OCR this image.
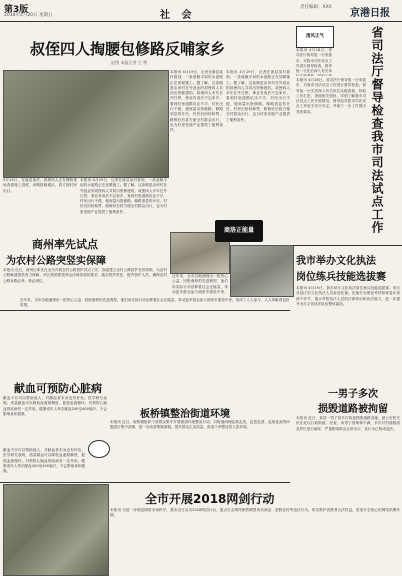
第3版
2018年4月20日 星期五	社 会
责任编辑：XXX
京港日报
叔侄四人掏腰包修路反哺家乡
文/图 本报记者 王 赞
4月19日，在唐县某村，叔侄四人正在修路现场查看施工进度，该路段修通后，将方便村民出行。
本报讯 4月19日，记者在唐县某村看到，一条宽敞平坦的水泥路正在加紧施工。据了解，这条路是由该村在外创业的叔侄四人共同出资修建的。叔侄四人多年在外打拼，事业有成后不忘家乡，看到村里道路坑洼不平，村民出行不便，便商量出资修路。修路消息传开后，村民们纷纷称赞，路修好后将方便全村群众出行，也为村里发展产业提供了便利条件。
本报讯 4月19日，记者在唐县某村看到，一条宽敞平坦的水泥路正在加紧施工。据了解，这条路是由该村在外创业的叔侄四人共同出资修建的。叔侄四人多年在外打拼，事业有成后不忘家乡，看到村里道路坑洼不平，村民出行不便，便商量出资修路。修路消息传开后，村民们纷纷称赞，路修好后将方便全村群众出行，也为村里发展产业提供了便利条件。
本报讯 4月19日，记者在唐县某村看到，一条宽敞平坦的水泥路正在加紧施工。据了解，这条路是由该村在外创业的叔侄四人共同出资修建的。叔侄四人多年在外打拼，事业有成后不忘家乡，看到村里道路坑洼不平，村民出行不便，便商量出资修路。修路消息传开后，村民们纷纷称赞，路修好后将方便全村群众出行，也为村里发展产业提供了便利条件。
近年来，全市各地涌现出一批热心公益、回报桑梓的先进典型，他们用实际行动诠释着社会正能量，带动更多群众参与到家乡建设中来，
商洛正能量
近年来，全市各地涌现出一批热心公益、回报桑梓的先进典型，他们用实际行动诠释着社会正能量，带动更多群众参与到家乡建设中来，形成了人人参与、人人奉献的良好氛围。
清风正气
本报讯 4月18日，省司法厅督导组一行来我市，对我市司法试点工作进行督导检查。督导组一行先后深入有关单	省司法厅督导检查我市司法试点工作
本报讯 4月18日，省司法厅督导组一行来我市，对我市司法试点工作进行督导检查。督导组一行先后深入有关单位实地查看，听取工作汇报，查阅相关资料，详细了解我市司法试点工作开展情况。督导组对我市司法试点工作给予充分肯定，并就下一步工作提出具体要求。
商州率先试点
为农村公路突竖实保障
本报讯 近日，商州区率先在全市开展农村公路管护试点工作，探索建立农村公路管护长效机制，为农村公路畅通提供有力保障。该区按照建管养运协调发展的要求，落实管护责任，配齐管护人员，确保农村公路有路必养、养必到位。
我市举办文化执法
岗位练兵技能选拔赛
本报讯 4月19日，我市举办文化执法岗位练兵技能选拔赛，来自各县区的文化执法人员参加比赛。比赛分为理论考试和案卷评查两个环节，重点考察执法人员的法律知识和执法能力，进一步提升全市文化执法队伍整体素质。
献血可预防心脏病
献血不仅可以帮助他人，对献血者本身也有好处。医学研究表明，适量献血可以降低血液黏稠度，促进血液循环，对预防心脑血管疾病有一定作用。健康成年人每次献血200至400毫升，不会影响身体健康。
献血不仅可以帮助他人，对献血者本身也有好处。医学研究表明，适量献血可以降低血液黏稠度，促进血液循环，对预防心脑血管疾病有一定作用。健康成年人每次献血200至400毫升，不会影响身体健康。
板桥镇整治街道环境
本报讯 近日，板桥镇组织干部群众集中开展街道环境整治行动，对街道两侧乱堆乱放、乱搭乱建、乱贴乱画等问题进行集中清理，进一步改善集镇面貌，提升群众生活质量，营造干净整洁的人居环境。
一男子多次
损毁道路被拘留
本报讯 近日，某县一男子因多次故意损毁道路设施，被公安机关依法处以行政拘留。经查，该男子因琐事不满，多次对村道路面及护栏进行破坏，严重影响群众正常出行，其行为已构成违法。
全市开展2018网剑行动
本报讯 为进一步规范网络市场秩序，我市近日启动2018网剑行动，重点打击网络销售假冒伪劣商品、虚假宣传等违法行为，切实维护消费者合法权益，营造安全放心的网络消费环境。
